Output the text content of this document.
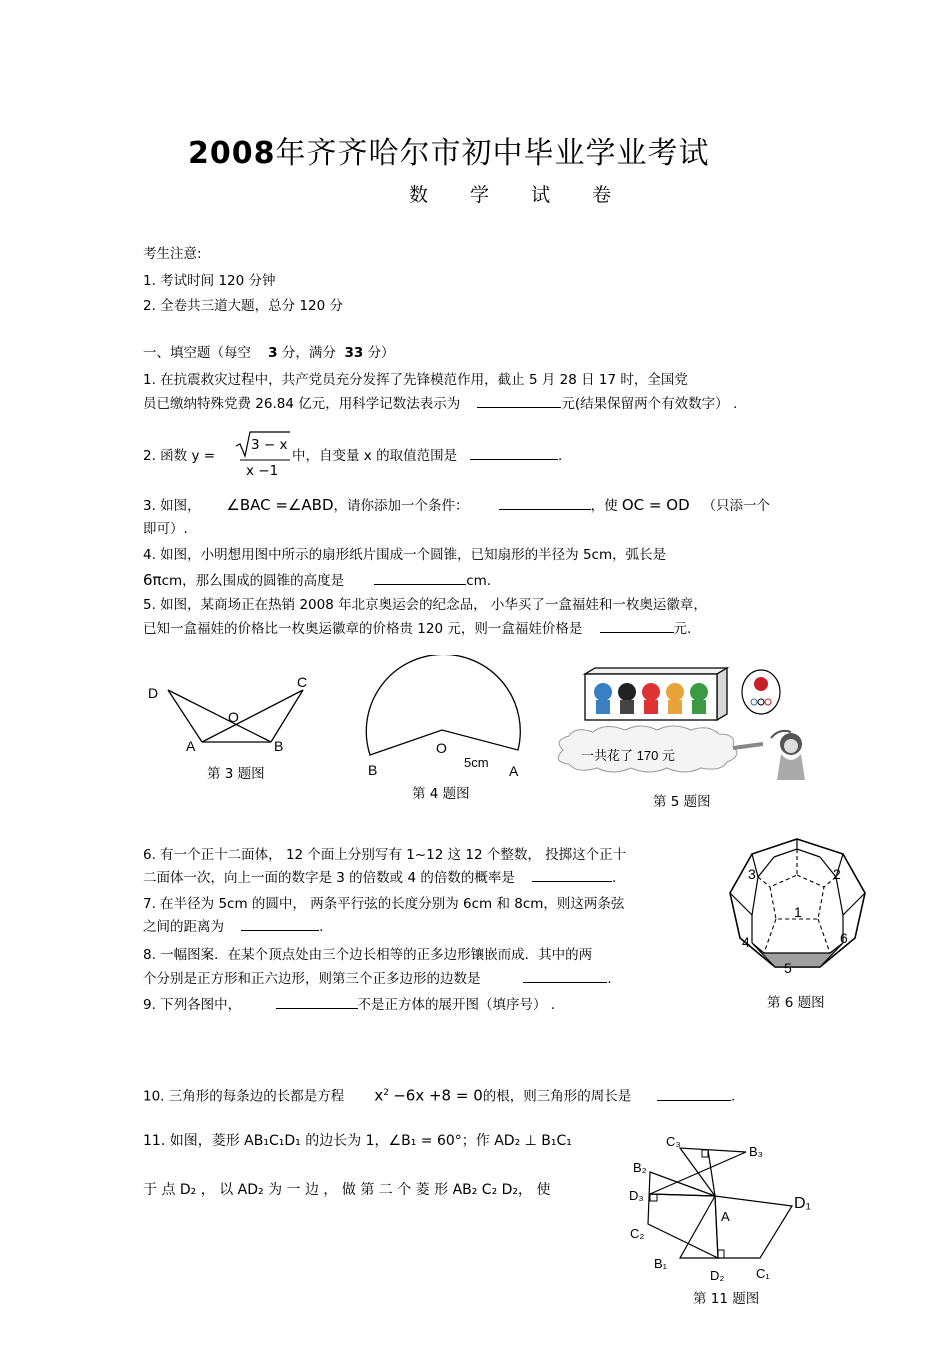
2008年齐齐哈尔市初中毕业学业考试
数 学 试 卷
考生注意:
1. 考试时间 120 分钟
2. 全卷共三道大题，总分 120 分
一、填空题（每空 3 分，满分 33 分）
1. 在抗震救灾过程中，共产党员充分发挥了先锋模范作用，截止 5 月 28 日 17 时，全国党
员已缴纳特殊党费 26.84 亿元，用科学记数法表示为	元(结果保留两个有效数字） .
2. 函数 y =
3 − x
x −1
中，自变量 x 的取值范围是	.
3. 如图， ∠BAC =∠ABD，请你添加一个条件：	，使 OC = OD （只添一个
即可）.
4. 如图，小明想用图中所示的扇形纸片围成一个圆锥，已知扇形的半径为 5cm，弧长是
6πcm，那么围成的圆锥的高度是	cm.
5. 如图，某商场正在热销 2008 年北京奥运会的纪念品， 小华买了一盒福娃和一枚奥运徽章，
已知一盒福娃的价格比一枚奥运徽章的价格贵 120 元，则一盒福娃价格是	元.
D
C
O
A	B
第 3 题图
O
B	5cm
A
第 4 题图
一共花了 170 元
第 5 题图
6. 有一个正十二面体， 12 个面上分别写有 1~12 这 12 个整数， 投掷这个正十
二面体一次，向上一面的数字是 3 的倍数或 4 的倍数的概率是	.
7. 在半径为 5cm 的圆中， 两条平行弦的长度分别为 6cm 和 8cm，则这两条弦
之间的距离为	.
8. 一幅图案．在某个顶点处由三个边长相等的正多边形镶嵌而成．其中的两
个分别是正方形和正六边形，则第三个正多边形的边数是	.
9. 下列各图中，	不是正方体的展开图（填序号） .
3	2
1
4	6
5
第 6 题图
10. 三角形的每条边的长都是方程 $x^2 -6x +8 = 0$的根，则三角形的周长是	.
11. 如图，菱形 AB₁C₁D₁ 的边长为 1，∠B₁ = 60°；作 AD₂ ⊥ B₁C₁
于 点 D₂ ， 以 AD₂ 为 一 边 ， 做 第 二 个 菱 形 AB₂ C₂ D₂， 使
C₃
B₃
B₂
D₃	D₁
A
C₂
B₁
D₂ C₁
第 11 题图
